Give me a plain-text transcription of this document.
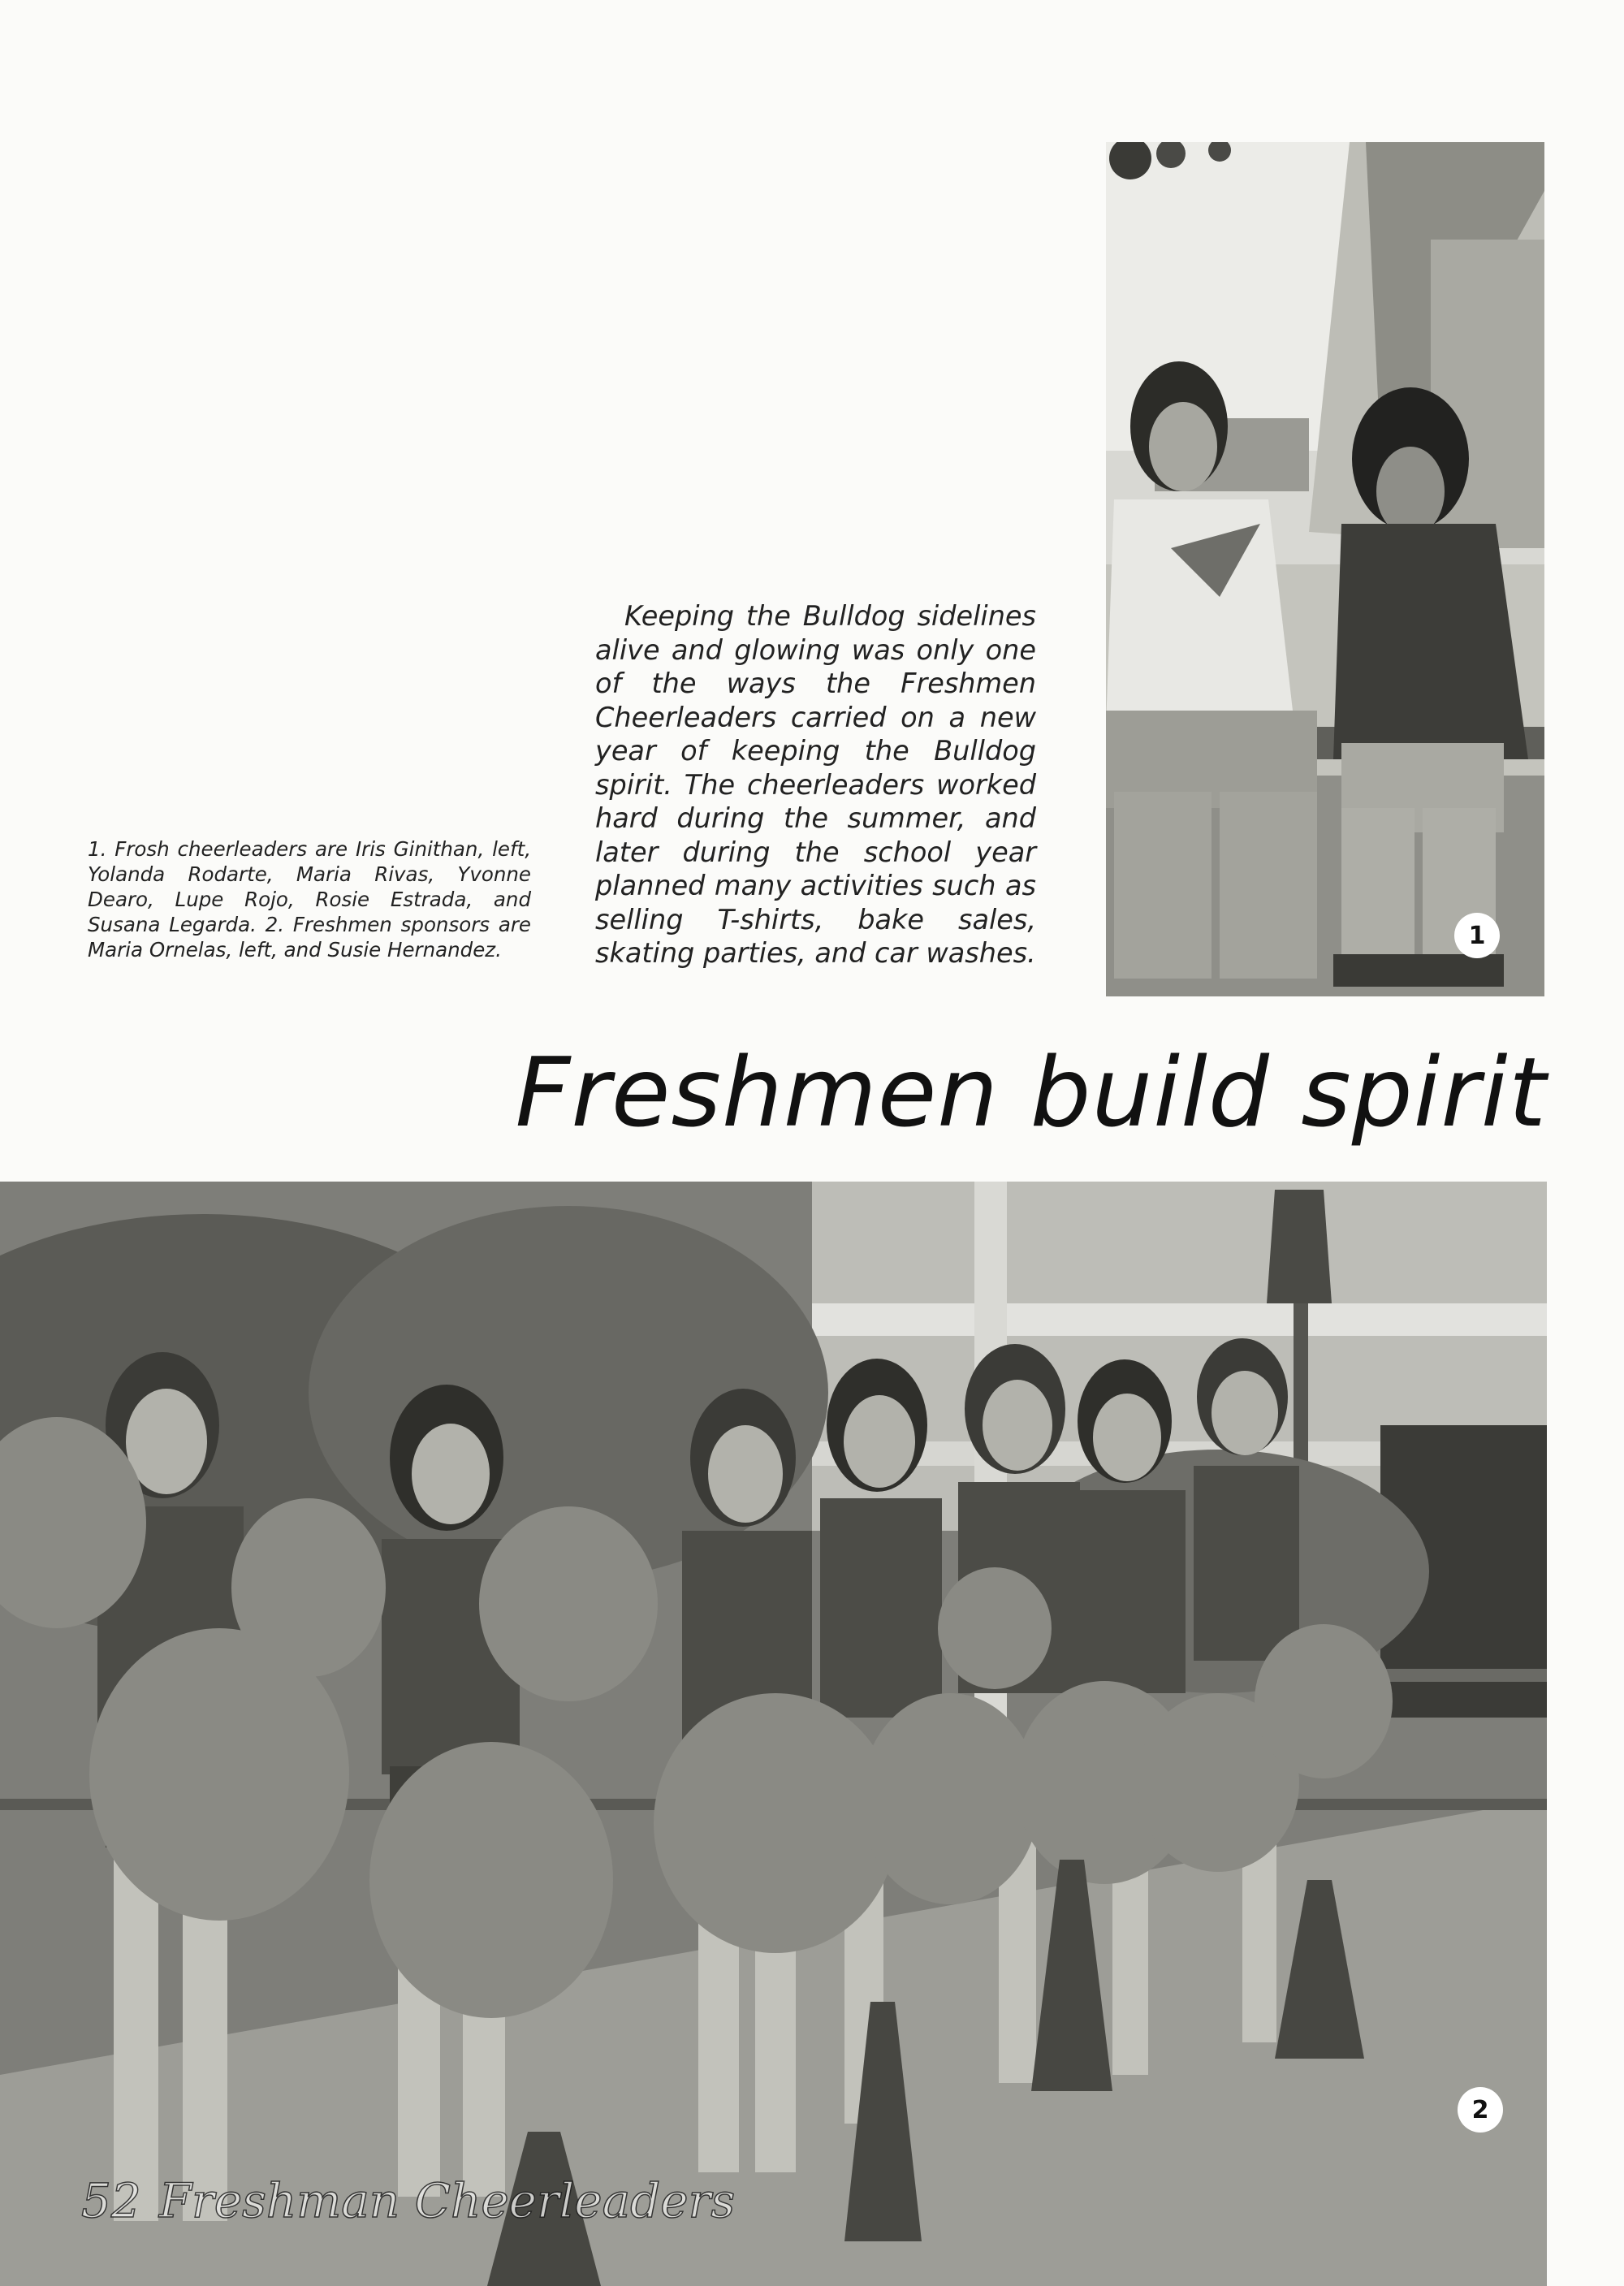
1
1. Frosh cheerleaders are Iris Ginithan, left, Yolanda Rodarte, Maria Rivas, Yvonne Dearo, Lupe Rojo, Rosie Estrada, and Susana Legarda. 2. Freshmen sponsors are Maria Ornelas, left, and Susie Hernandez.
Keeping the Bulldog sidelines alive and glowing was only one of the ways the Freshmen Cheerleaders carried on a new year of keeping the Bulldog spirit. The cheerleaders worked hard during the summer, and later during the school year planned many activities such as selling T-shirts, bake sales, skating parties, and car washes.
Freshmen build spirit
2
52 Freshman Cheerleaders
